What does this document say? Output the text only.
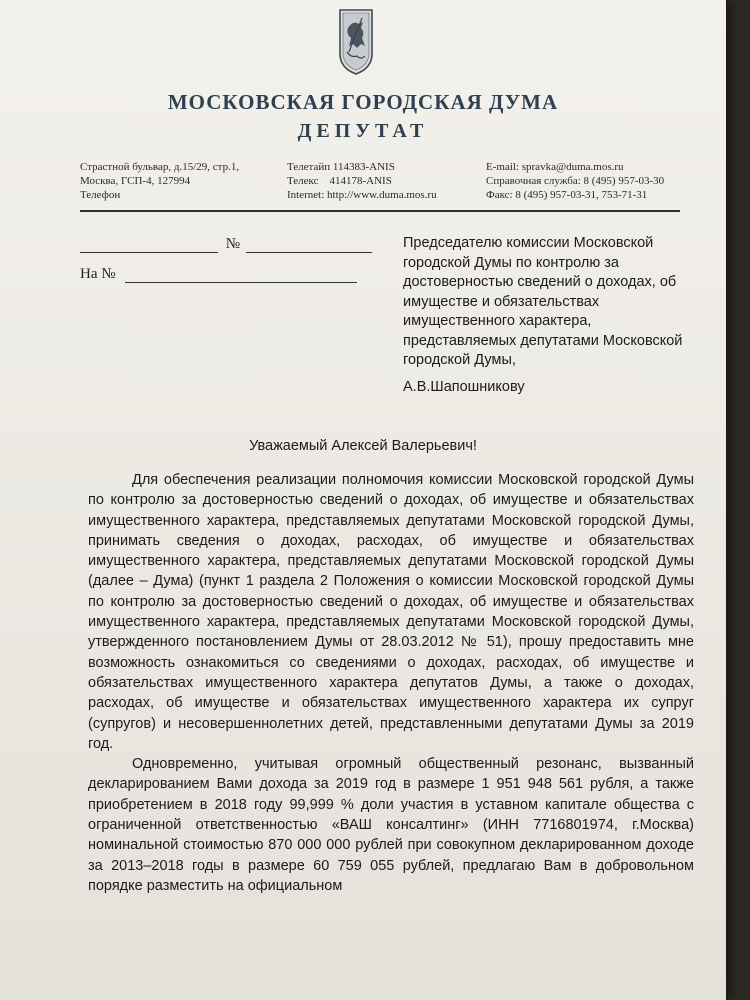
МОСКОВСКАЯ ГОРОДСКАЯ ДУМА
ДЕПУТАТ
Страстной бульвар, д.15/29, стр.1,
Москва, ГСП-4, 127994
Телефон
Телетайп 114383-ANIS
Телекс    414178-ANIS
Internet: http://www.duma.mos.ru
E-mail: spravka@duma.mos.ru
Справочная служба: 8 (495) 957-03-30
Факс: 8 (495) 957-03-31, 753-71-31
№
На №
Председателю комиссии Московской городской Думы по контролю за достоверностью сведений о доходах, об имуществе и обязательствах имущественного характера, представляемых депутатами Московской городской Думы,
А.В.Шапошникову
Уважаемый Алексей Валерьевич!

Для обеспечения реализации полномочия комиссии Московской городской Думы по контролю за достоверностью сведений о доходах, об имуществе и обязательствах имущественного характера, представляемых депутатами Московской городской Думы, принимать сведения о доходах, расходах, об имуществе и обязательствах имущественного характера, представляемых депутатами Московской городской Думы (далее – Дума) (пункт 1 раздела 2 Положения о комиссии Московской городской Думы по контролю за достоверностью сведений о доходах, об имуществе и обязательствах имущественного характера, представляемых депутатами Московской городской Думы, утвержденного постановлением Думы от 28.03.2012 № 51), прошу предоставить мне возможность ознакомиться со сведениями о доходах, расходах, об имуществе и обязательствах имущественного характера депутатов Думы, а также о доходах, расходах, об имуществе и обязательствах имущественного характера их супруг (супругов) и несовершеннолетних детей, представленными депутатами Думы за 2019 год.

Одновременно, учитывая огромный общественный резонанс, вызванный декларированием Вами дохода за 2019 год в размере 1 951 948 561 рубля, а также приобретением в 2018 году 99,999 % доли участия в уставном капитале общества с ограниченной ответственностью «ВАШ консалтинг» (ИНН 7716801974, г.Москва) номинальной стоимостью 870 000 000 рублей при совокупном декларированном доходе за 2013–2018 годы в размере 60 759 055 рублей, предлагаю Вам в добровольном порядке разместить на официальном
